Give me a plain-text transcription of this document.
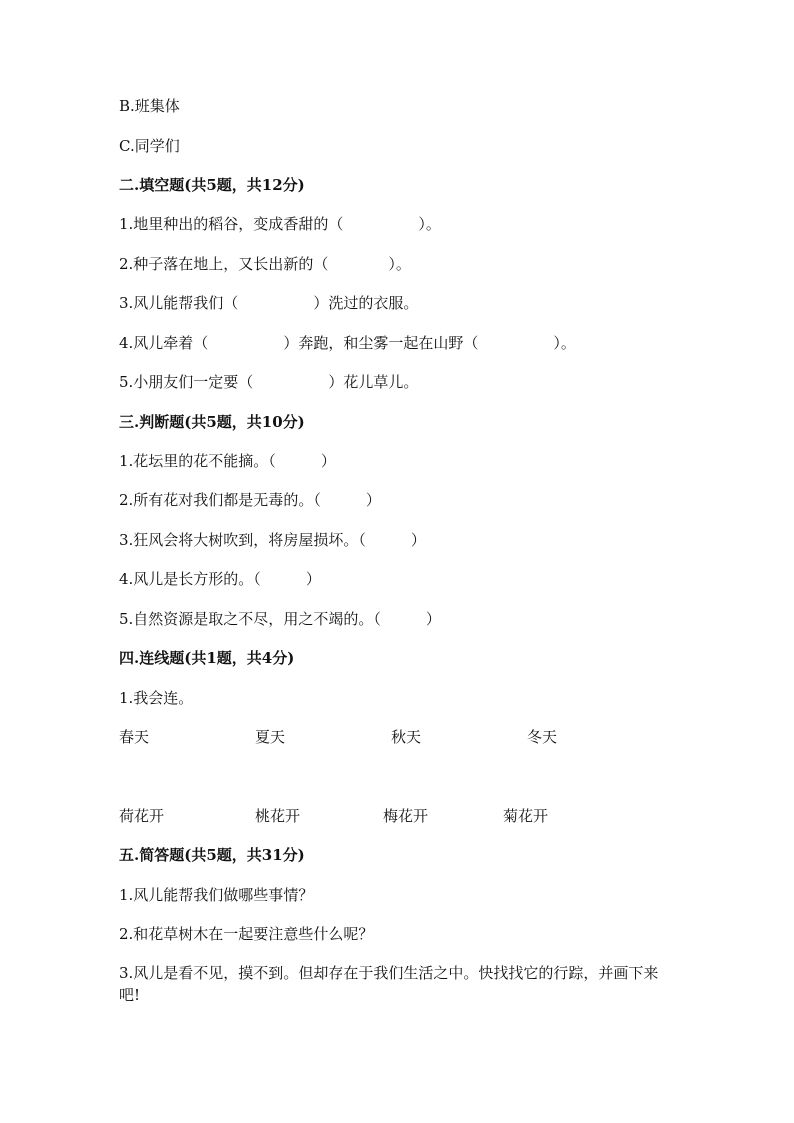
B.班集体
C.同学们
二.填空题(共5题，共12分)
1.地里种出的稻谷，变成香甜的（　　　　　）。
2.种子落在地上，又长出新的（　　　　）。
3.风儿能帮我们（　　　　　）洗过的衣服。
4.风儿牵着（　　　　　）奔跑，和尘雾一起在山野（　　　　　）。
5.小朋友们一定要（　　　　　）花儿草儿。
三.判断题(共5题，共10分)
1.花坛里的花不能摘。（　　　）
2.所有花对我们都是无毒的。（　　　）
3.狂风会将大树吹到，将房屋损坏。（　　　）
4.风儿是长方形的。（　　　）
5.自然资源是取之不尽，用之不竭的。（　　　）
四.连线题(共1题，共4分)
1.我会连。
春天	夏天	秋天	冬天
荷花开	桃花开	梅花开	菊花开
五.简答题(共5题，共31分)
1.风儿能帮我们做哪些事情？
2.和花草树木在一起要注意些什么呢？
3.风儿是看不见，摸不到。但却存在于我们生活之中。快找找它的行踪，并画下来吧!
